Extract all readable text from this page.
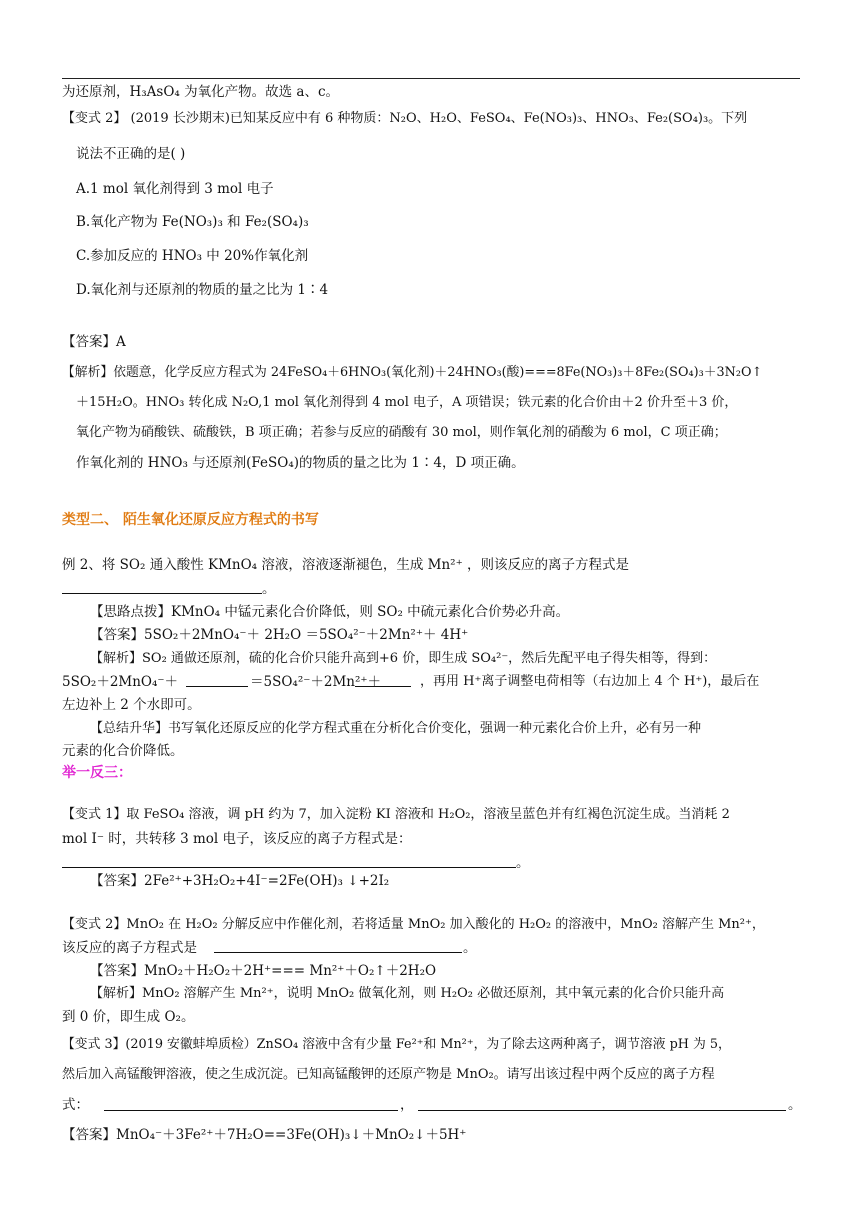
为还原剂，H₃AsO₄ 为氧化产物。故选 a、c。
【变式 2】 (2019 长沙期末)已知某反应中有 6 种物质：N₂O、H₂O、FeSO₄、Fe(NO₃)₃、HNO₃、Fe₂(SO₄)₃。下列
说法不正确的是( )
A.1 mol 氧化剂得到 3 mol 电子
B.氧化产物为 Fe(NO₃)₃ 和 Fe₂(SO₄)₃
C.参加反应的 HNO₃ 中 20%作氧化剂
D.氧化剂与还原剂的物质的量之比为 1∶4
【答案】A
【解析】依题意，化学反应方程式为 24FeSO₄＋6HNO₃(氧化剂)＋24HNO₃(酸)===8Fe(NO₃)₃＋8Fe₂(SO₄)₃＋3N₂O↑
＋15H₂O。HNO₃ 转化成 N₂O,1 mol 氧化剂得到 4 mol 电子，A 项错误；铁元素的化合价由＋2 价升至＋3 价，
氧化产物为硝酸铁、硫酸铁，B 项正确；若参与反应的硝酸有 30 mol，则作氧化剂的硝酸为 6 mol，C 项正确；
作氧化剂的 HNO₃ 与还原剂(FeSO₄)的物质的量之比为 1∶4，D 项正确。
类型二、 陌生氧化还原反应方程式的书写
例 2、将 SO₂ 通入酸性 KMnO₄ 溶液，溶液逐渐褪色，生成 Mn²⁺ ，则该反应的离子方程式是
。
【思路点拨】KMnO₄ 中锰元素化合价降低，则 SO₂ 中硫元素化合价势必升高。
【答案】5SO₂＋2MnO₄⁻＋ 2H₂O ＝5SO₄²⁻＋2Mn²⁺＋ 4H⁺
【解析】SO₂ 通做还原剂，硫的化合价只能升高到+6 价，即生成 SO₄²⁻，然后先配平电子得失相等，得到：
5SO₂＋2MnO₄⁻＋	＝5SO₄²⁻＋2Mn²⁺＋	，再用 H⁺离子调整电荷相等（右边加上 4 个 H⁺)，最后在
左边补上 2 个水即可。
【总结升华】书写氧化还原反应的化学方程式重在分析化合价变化，强调一种元素化合价上升，必有另一种
元素的化合价降低。
举一反三：
【变式 1】取 FeSO₄ 溶液，调 pH 约为 7，加入淀粉 KI 溶液和 H₂O₂，溶液呈蓝色并有红褐色沉淀生成。当消耗 2
mol I⁻ 时，共转移 3 mol 电子，该反应的离子方程式是：
。
【答案】2Fe²⁺+3H₂O₂+4I⁻=2Fe(OH)₃ ↓+2I₂
【变式 2】MnO₂ 在 H₂O₂ 分解反应中作催化剂，若将适量 MnO₂ 加入酸化的 H₂O₂ 的溶液中，MnO₂ 溶解产生 Mn²⁺，
该反应的离子方程式是	。
【答案】MnO₂＋H₂O₂＋2H⁺=== Mn²⁺＋O₂↑＋2H₂O
【解析】MnO₂ 溶解产生 Mn²⁺，说明 MnO₂ 做氧化剂，则 H₂O₂ 必做还原剂，其中氧元素的化合价只能升高
到 0 价，即生成 O₂。
【变式 3】(2019 安徽蚌埠质检）ZnSO₄ 溶液中含有少量 Fe²⁺和 Mn²⁺，为了除去这两种离子，调节溶液 pH 为 5，
然后加入高锰酸钾溶液，使之生成沉淀。已知高锰酸钾的还原产物是 MnO₂。请写出该过程中两个反应的离子方程
式：	，	。
【答案】MnO₄⁻＋3Fe²⁺＋7H₂O==3Fe(OH)₃↓＋MnO₂↓＋5H⁺
